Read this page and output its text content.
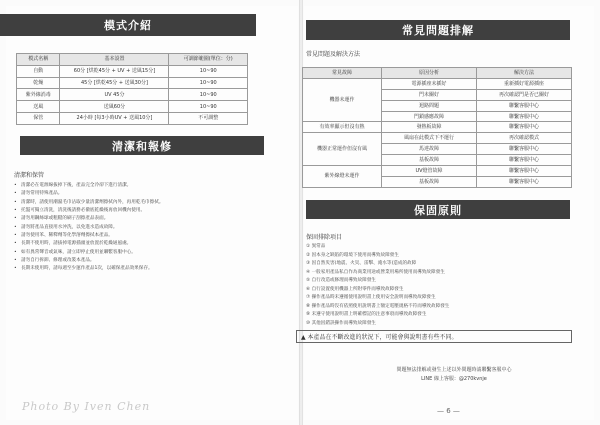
模式介紹
模式名稱	基本設置	可調節範圍(單位：分)
自動	60分 [烘乾45分 + UV + 送風15分]	10~90
乾燥	45分 [烘乾45分 + 送風30分]	10~90
紫外線消毒	UV 45分	10~90
送風	送風60分	10~90
保管	24小時 [每3小時UV + 送風10分]	不可調整
清潔和報修
清潔和保管
• 清潔必在電源線拔掉下後，產品完全冷卻下進行清潔。
• 請勿常用特殊產品。
• 清潔時，請使用潮濕毛巾沾取少量清潔劑擦拭內外，再用乾毛巾擦拭。
• 托盤可獨立清洗，清洗後請務必徹底乾燥後再放回機內使用。
• 請勿用鋼絲球或粗糙的刷子刮擦產品表面。
• 請勿將產品直接用水沖洗，以免進水造成故障。
• 請勿使用苯、稀釋劑等化學溶劑擦拭本產品。
• 長期不使用時，請拔掉電源插頭並放置於乾燥通風處。
• 如有異常聲音或氣味，請立即停止使用並聯繫客服中心。
• 請勿自行拆卸、修理或改裝本產品。
• 長期未使用時，請每週至少運作產品1次，以確保產品效果保存。
Photo By Iven Chen
常見問題排解
常見問題及解決方法
常見故障	原因分析	解決方法
機器未運作	電源插座未插好	重新插好電源插座
	門未關好	再次確認門是否已關好
	迴路問題	聯繫客服中心
	門鎖感應故障	聯繫客服中心
有效率顯示但沒有熱	發熱板故障	聯繫客服中心
機器正常運作但沒有風	風扇在此模式下不運行	再次確認模式
	馬達故障	聯繫客服中心
	基板故障	聯繫客服中心
紫外線燈未運作	UV燈管故障	聯繫客服中心
	基板故障	聯繫客服中心
保固原則
保固排除項目
① 異常品
② 因本身之缺陷的環境下使用而導致故障發生
③ 因自然災害(地震、火災、雷擊、淹水等)造成的故障
④ 一般家用產品私自作為商業用途或營業用場所使用而導致故障發生
⑤ 自行改造或修理而導致故障發生
⑥ 自行設置使用機器上所附零件而導致故障發生
⑦ 操作產品時未遵循使用說明書上使用安全說明而導致故障發生
⑧ 操作產品時沒有依照使用說明書上額定電壓規格不符而導致故障發生
⑨ 未遵守使用說明書上明確標記的注意事項而導致故障發生
⑩ 其他因錯誤操作而導致故障發生
▲ 本產品在不斷改進的狀況下，可能會與說明書有些不同。
問題無法排解或發生上述以外問題時請聯繫客服中心
LINE 線上客服：@270kvnje
— 6 —
